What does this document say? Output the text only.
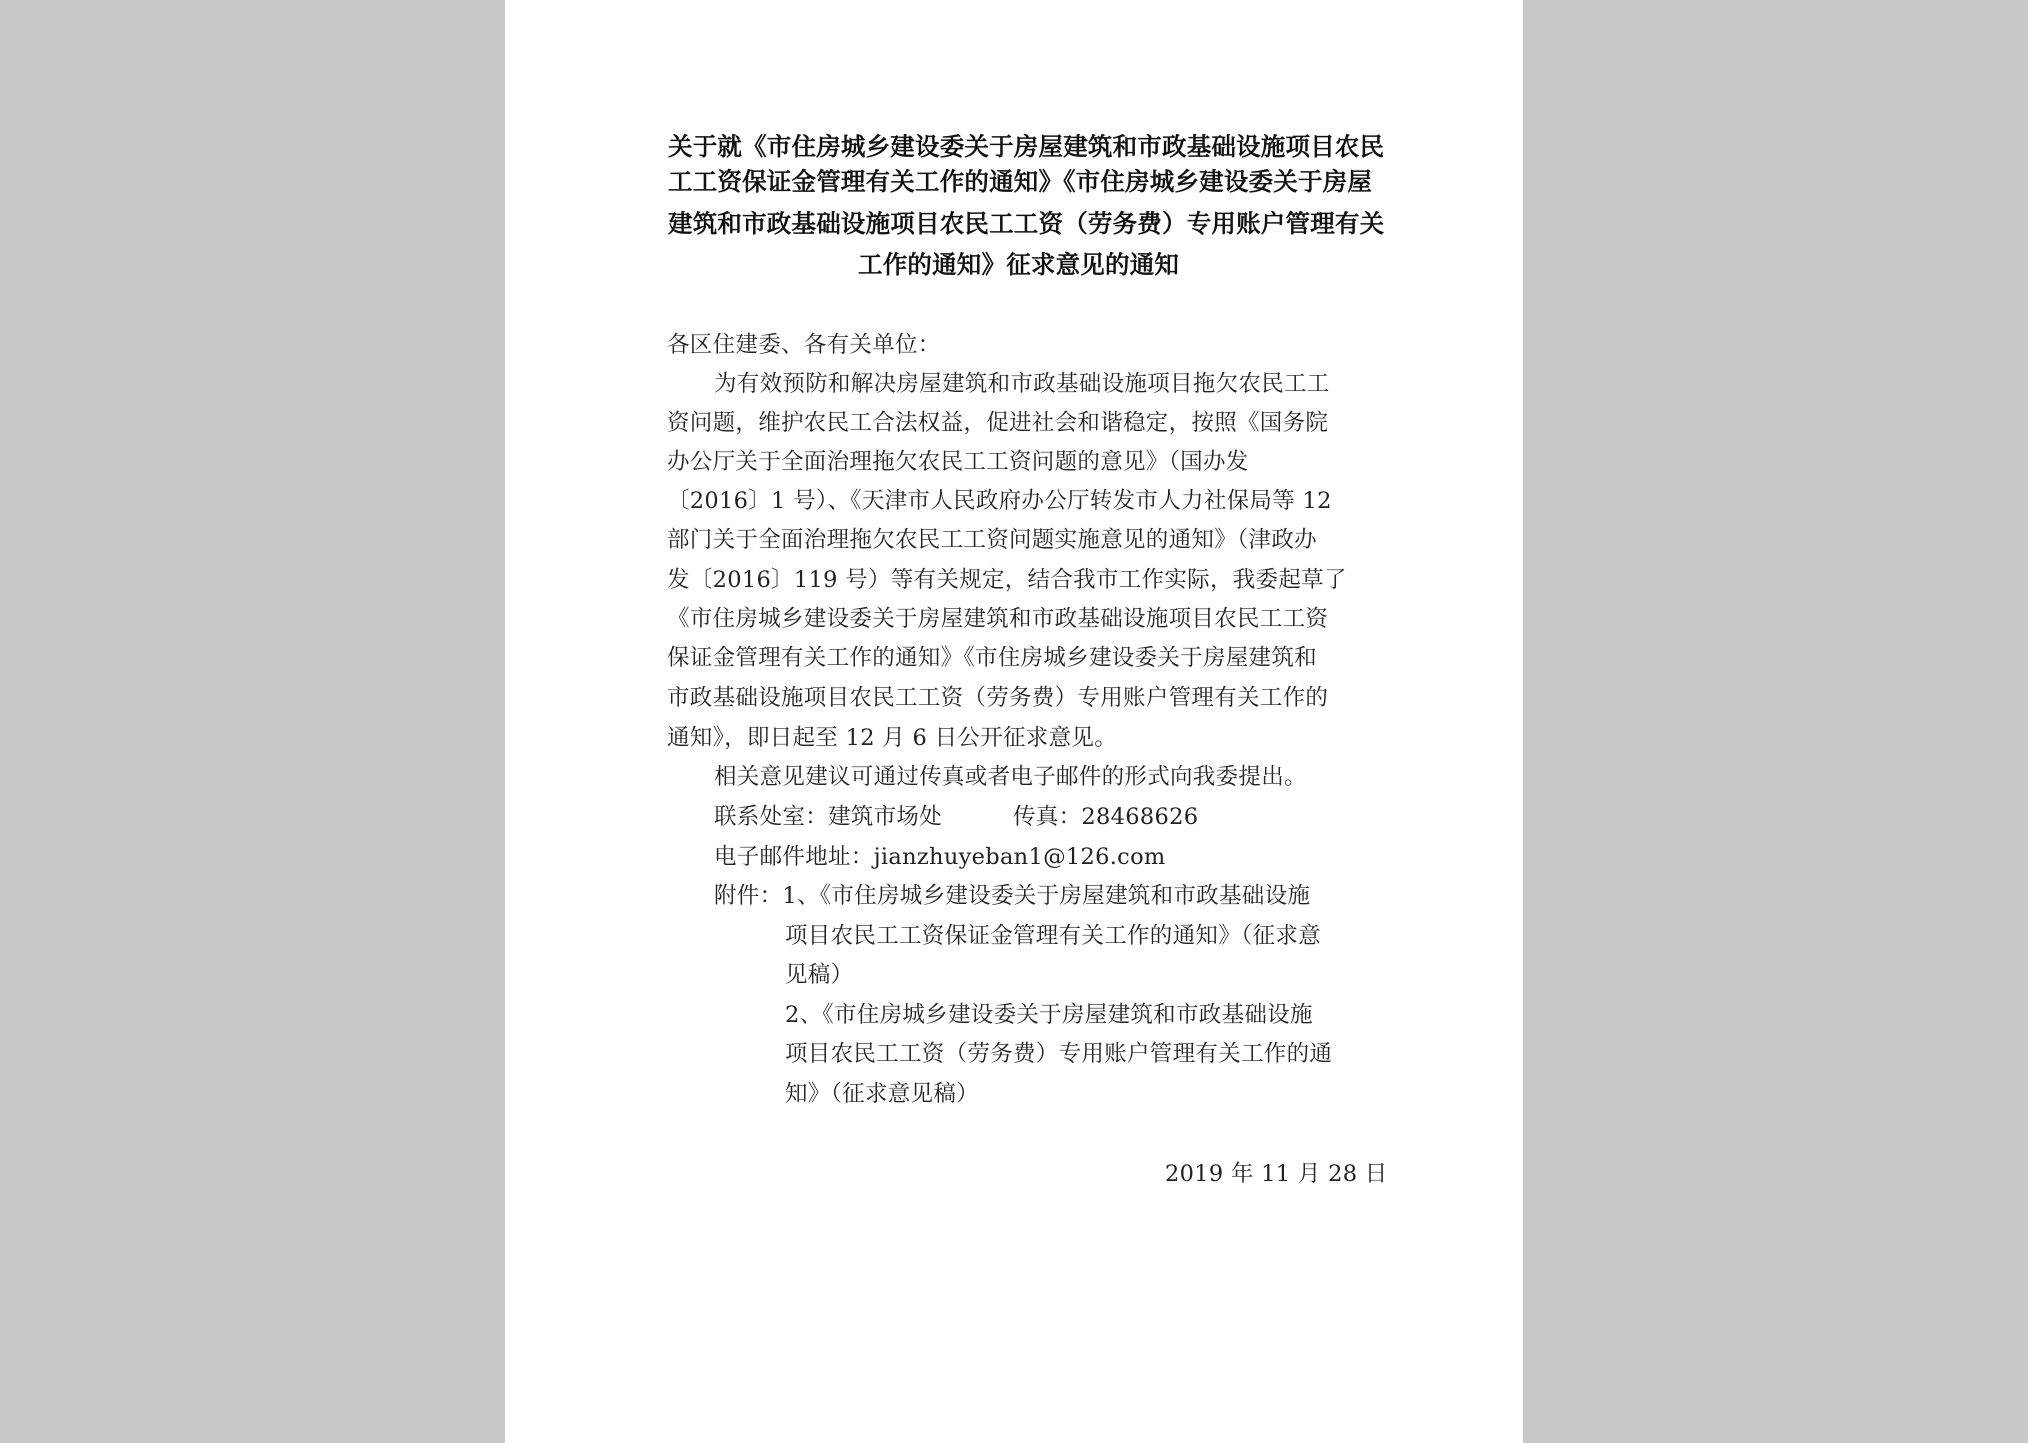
关于就《市住房城乡建设委关于房屋建筑和市政基础设施项目农民
工工资保证金管理有关工作的通知》《市住房城乡建设委关于房屋
建筑和市政基础设施项目农民工工资（劳务费）专用账户管理有关
工作的通知》征求意见的通知
各区住建委、各有关单位：
为有效预防和解决房屋建筑和市政基础设施项目拖欠农民工工
资问题，维护农民工合法权益，促进社会和谐稳定，按照《国务院
办公厅关于全面治理拖欠农民工工资问题的意见》（国办发
〔2016〕1 号）、《天津市人民政府办公厅转发市人力社保局等 12
部门关于全面治理拖欠农民工工资问题实施意见的通知》（津政办
发〔2016〕119 号）等有关规定，结合我市工作实际，我委起草了
《市住房城乡建设委关于房屋建筑和市政基础设施项目农民工工资
保证金管理有关工作的通知》《市住房城乡建设委关于房屋建筑和
市政基础设施项目农民工工资（劳务费）专用账户管理有关工作的
通知》，即日起至 12 月 6 日公开征求意见。
相关意见建议可通过传真或者电子邮件的形式向我委提出。
联系处室：建筑市场处	传真：28468626
电子邮件地址：jianzhuyeban1@126.com
附件：1、《市住房城乡建设委关于房屋建筑和市政基础设施
项目农民工工资保证金管理有关工作的通知》（征求意
见稿）
2、《市住房城乡建设委关于房屋建筑和市政基础设施
项目农民工工资（劳务费）专用账户管理有关工作的通
知》（征求意见稿）
2019 年 11 月 28 日
